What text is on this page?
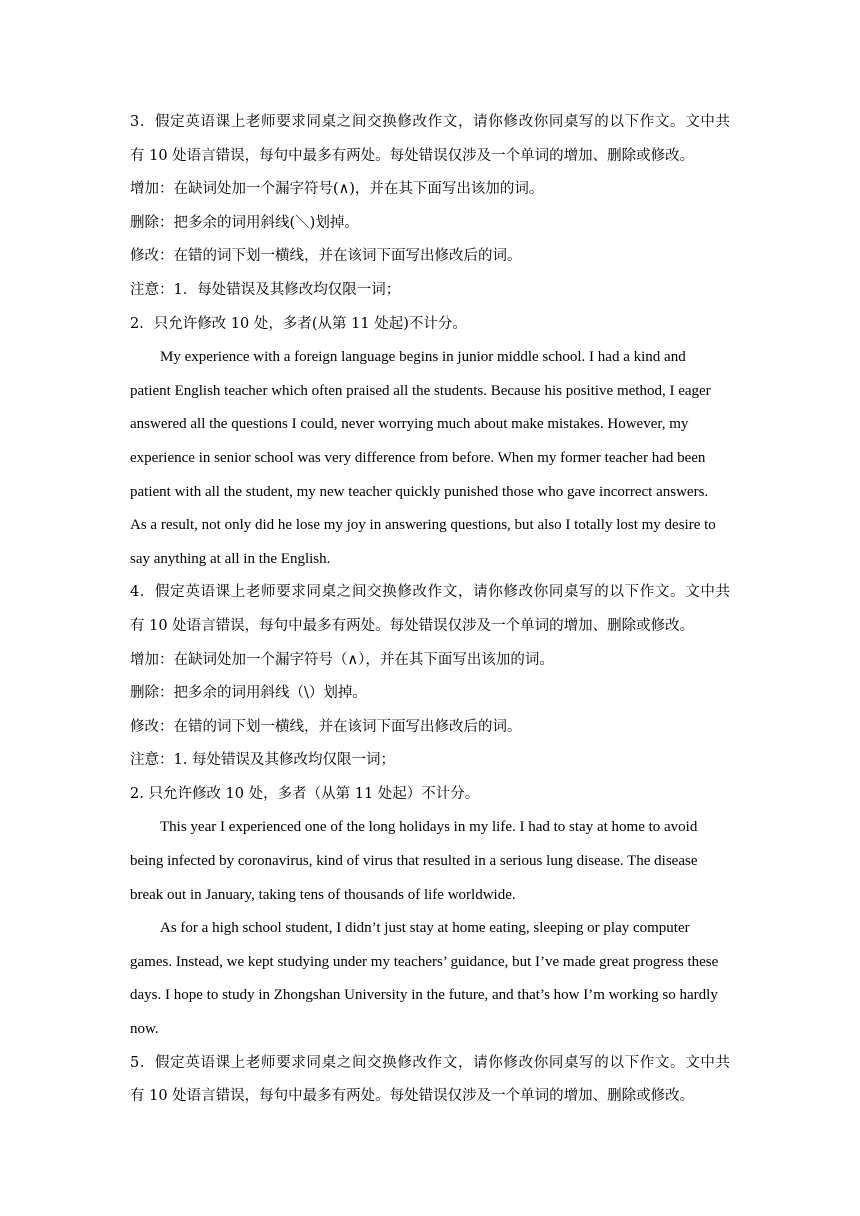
3．假定英语课上老师要求同桌之间交换修改作文，请你修改你同桌写的以下作文。文中共
有 10 处语言错误，每句中最多有两处。每处错误仅涉及一个单词的增加、删除或修改。
增加：在缺词处加一个漏字符号(∧)，并在其下面写出该加的词。
删除：把多余的词用斜线(＼)划掉。
修改：在错的词下划一横线，并在该词下面写出修改后的词。
注意：1．每处错误及其修改均仅限一词；
2．只允许修改 10 处，多者(从第 11 处起)不计分。
My experience with a foreign language begins in junior middle school. I had a kind and
patient English teacher which often praised all the students. Because his positive method, I eager
answered all the questions I could, never worrying much about make mistakes. However, my
experience in senior school was very difference from before. When my former teacher had been
patient with all the student, my new teacher quickly punished those who gave incorrect answers.
As a result, not only did he lose my joy in answering questions, but also I totally lost my desire to
say anything at all in the English.
4．假定英语课上老师要求同桌之间交换修改作文，请你修改你同桌写的以下作文。文中共
有 10 处语言错误，每句中最多有两处。每处错误仅涉及一个单词的增加、删除或修改。
增加：在缺词处加一个漏字符号（∧），并在其下面写出该加的词。
删除：把多余的词用斜线（\）划掉。
修改：在错的词下划一横线，并在该词下面写出修改后的词。
注意：1. 每处错误及其修改均仅限一词；
2. 只允许修改 10 处，多者（从第 11 处起）不计分。
This year I experienced one of the long holidays in my life. I had to stay at home to avoid
being infected by coronavirus, kind of virus that resulted in a serious lung disease. The disease
break out in January, taking tens of thousands of life worldwide.
As for a high school student, I didn’t just stay at home eating, sleeping or play computer
games. Instead, we kept studying under my teachers’ guidance, but I’ve made great progress these
days. I hope to study in Zhongshan University in the future, and that’s how I’m working so hardly
now.
5．假定英语课上老师要求同桌之间交换修改作文，请你修改你同桌写的以下作文。文中共
有 10 处语言错误，每句中最多有两处。每处错误仅涉及一个单词的增加、删除或修改。
